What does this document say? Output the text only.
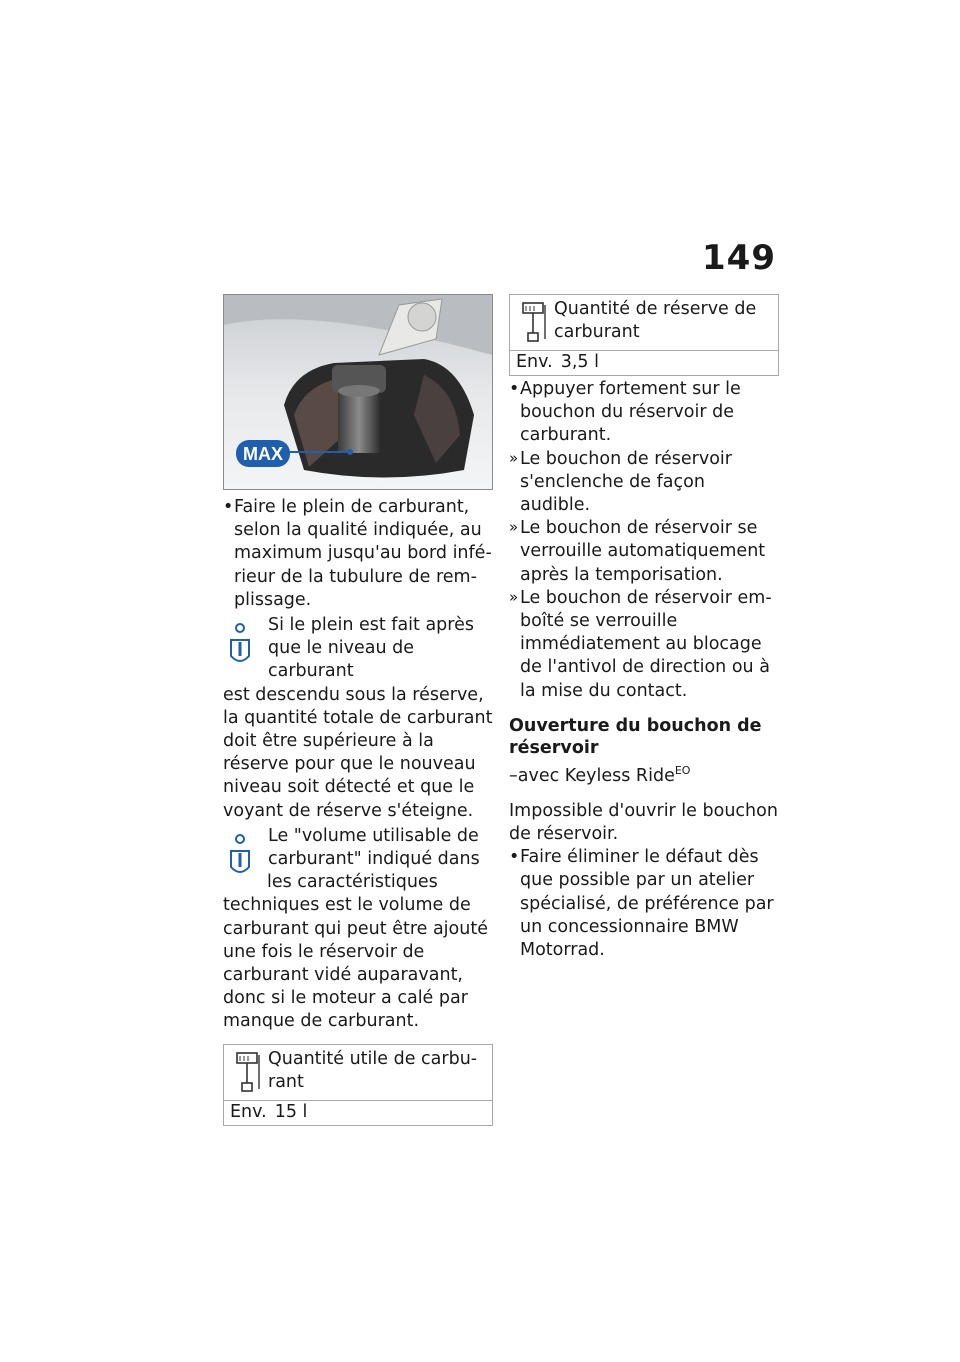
149
MAX
• Faire le plein de carburant, selon la qualité indiquée, au maximum jusqu'au bord inférieur de la tubulure de remplissage.
Si le plein est fait après que le niveau de carburant
est descendu sous la réserve, la quantité totale de carburant doit être supérieure à la réserve pour que le nouveau niveau soit détecté et que le voyant de réserve s'éteigne.
Le "volume utilisable de carburant" indiqué dans
les caractéristiques techniques est le volume de carburant qui peut être ajouté une fois le réservoir de carburant vidé auparavant, donc si le moteur a calé par manque de carburant.
Quantité utile de carburant
Env. 15 l
Quantité de réserve de carburant
Env. 3,5 l
• Appuyer fortement sur le bouchon du réservoir de carburant.
» Le bouchon de réservoir s'enclenche de façon audible.
» Le bouchon de réservoir se verrouille automatiquement après la temporisation.
» Le bouchon de réservoir emboîté se verrouille immédiatement au blocage de l'antivol de direction ou à la mise du contact.
Ouverture du bouchon de réservoir
–avec Keyless Ride$^{EO}$
Impossible d'ouvrir le bouchon de réservoir.
• Faire éliminer le défaut dès que possible par un atelier spécialisé, de préférence par un concessionnaire BMW Motorrad.
